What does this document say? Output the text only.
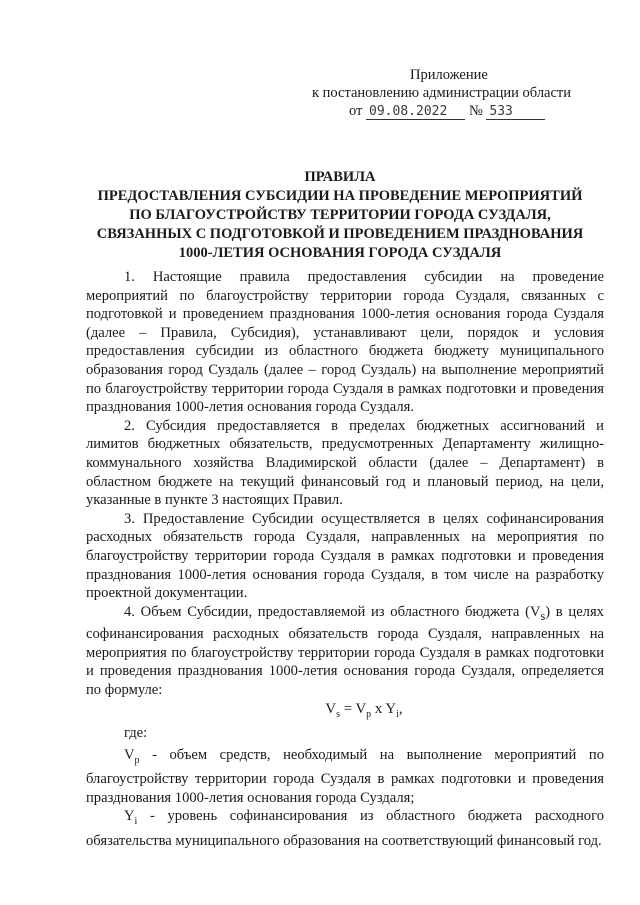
Приложение
к постановлению администрации области
от 09.08.2022 № 533
ПРАВИЛА
ПРЕДОСТАВЛЕНИЯ СУБСИДИИ НА ПРОВЕДЕНИЕ МЕРОПРИЯТИЙ
ПО БЛАГОУСТРОЙСТВУ ТЕРРИТОРИИ ГОРОДА СУЗДАЛЯ,
СВЯЗАННЫХ С ПОДГОТОВКОЙ И ПРОВЕДЕНИЕМ ПРАЗДНОВАНИЯ
1000-ЛЕТИЯ ОСНОВАНИЯ ГОРОДА СУЗДАЛЯ

1. Настоящие правила предоставления субсидии на проведение мероприятий по благоустройству территории города Суздаля, связанных с подготовкой и проведением празднования 1000-летия основания города Суздаля (далее – Правила, Субсидия), устанавливают цели, порядок и условия предоставления субсидии из областного бюджета бюджету муниципального образования город Суздаль (далее – город Суздаль) на выполнение мероприятий по благоустройству территории города Суздаля в рамках подготовки и проведения празднования 1000-летия основания города Суздаля.

2. Субсидия предоставляется в пределах бюджетных ассигнований и лимитов бюджетных обязательств, предусмотренных Департаменту жилищно-коммунального хозяйства Владимирской области (далее – Департамент) в областном бюджете на текущий финансовый год и плановый период, на цели, указанные в пункте 3 настоящих Правил.

3. Предоставление Субсидии осуществляется в целях софинансирования расходных обязательств города Суздаля, направленных на мероприятия по благоустройству территории города Суздаля в рамках подготовки и проведения празднования 1000-летия основания города Суздаля, в том числе на разработку проектной документации.

4. Объем Субсидии, предоставляемой из областного бюджета $(V_s)$ в целях софинансирования расходных обязательств города Суздаля, направленных на мероприятия по благоустройству территории города Суздаля в рамках подготовки и проведения празднования 1000-летия основания города Суздаля, определяется по формуле:

$V_s = V_p$ x $Y_i$,

где:

$V_p$ - объем средств, необходимый на выполнение мероприятий по благоустройству территории города Суздаля в рамках подготовки и проведения празднования 1000-летия основания города Суздаля;

$Y_i$ - уровень софинансирования из областного бюджета расходного обязательства муниципального образования на соответствующий финансовый год.
